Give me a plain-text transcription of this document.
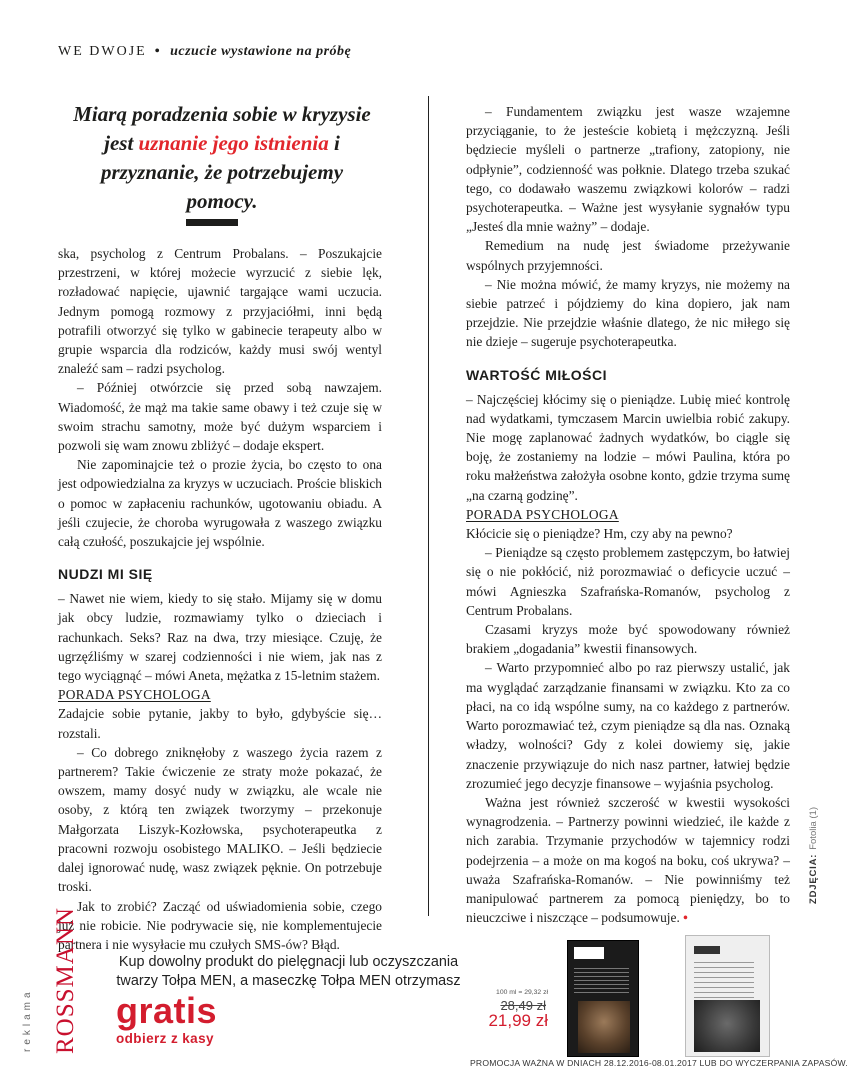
WE DWOJE • uczucie wystawione na próbę
Miarą poradzenia sobie w kryzysie jest uznanie jego istnienia i przyznanie, że potrzebujemy pomocy.

ska, psycholog z Centrum Probalans. – Poszukajcie przestrzeni, w której możecie wyrzucić z siebie lęk, rozładować napięcie, ujawnić targające wami uczucia. Jednym pomogą rozmowy z przyjaciółmi, inni będą potrafili otworzyć się tylko w gabinecie terapeuty albo w grupie wsparcia dla rodziców, każdy musi swój wentyl znaleźć sam – radzi psycholog.

– Później otwórzcie się przed sobą nawzajem. Wiadomość, że mąż ma takie same obawy i też czuje się w swoim strachu samotny, może być dużym wsparciem i pozwoli się wam znowu zbliżyć – dodaje ekspert.

Nie zapominajcie też o prozie życia, bo często to ona jest odpowiedzialna za kryzys w uczuciach. Proście bliskich o pomoc w zapłaceniu rachunków, ugotowaniu obiadu. A jeśli czujecie, że choroba wyrugowała z waszego związku całą czułość, poszukajcie jej wspólnie.

NUDZI MI SIĘ

– Nawet nie wiem, kiedy to się stało. Mijamy się w domu jak obcy ludzie, rozmawiamy tylko o dzieciach i rachunkach. Seks? Raz na dwa, trzy miesiące. Czuję, że ugrzęźliśmy w szarej codzienności i nie wiem, jak nas z tego wyciągnąć – mówi Aneta, mężatka z 15-letnim stażem.

PORADA PSYCHOLOGA

Zadajcie sobie pytanie, jakby to było, gdybyście się… rozstali.

– Co dobrego zniknęłoby z waszego życia razem z partnerem? Takie ćwiczenie ze straty może pokazać, że owszem, mamy dosyć nudy w związku, ale wcale nie osoby, z którą ten związek tworzymy – przekonuje Małgorzata Liszyk-Kozłowska, psychoterapeutka z pracowni rozwoju osobistego MALIKO. – Jeśli będziecie dalej ignorować nudę, wasz związek pęknie. On potrzebuje troski.

Jak to zrobić? Zacząć od uświadomienia sobie, czego już nie robicie. Nie podrywacie się, nie komplementujecie partnera i nie wysyłacie mu czułych SMS-ów? Błąd.

– Fundamentem związku jest wasze wzajemne przyciąganie, to że jesteście kobietą i mężczyzną. Jeśli będziecie myśleli o partnerze „trafiony, zatopiony, nie odpłynie”, codzienność was połknie. Dlatego trzeba szukać tego, co dodawało waszemu związkowi kolorów – radzi psychoterapeutka. – Ważne jest wysyłanie sygnałów typu „Jesteś dla mnie ważny” – dodaje.

Remedium na nudę jest świadome przeżywanie wspólnych przyjemności.

– Nie można mówić, że mamy kryzys, nie możemy na siebie patrzeć i pójdziemy do kina dopiero, jak nam przejdzie. Nie przejdzie właśnie dlatego, że nic miłego się nie dzieje – sugeruje psychoterapeutka.

WARTOŚĆ MIŁOŚCI

– Najczęściej kłócimy się o pieniądze. Lubię mieć kontrolę nad wydatkami, tymczasem Marcin uwielbia robić zakupy. Nie mogę zaplanować żadnych wydatków, bo ciągle się boję, że zostaniemy na lodzie – mówi Paulina, która po roku małżeństwa założyła osobne konto, gdzie trzyma sumę „na czarną godzinę”.

PORADA PSYCHOLOGA

Kłócicie się o pieniądze? Hm, czy aby na pewno?

– Pieniądze są często problemem zastępczym, bo łatwiej się o nie pokłócić, niż porozmawiać o deficycie uczuć – mówi Agnieszka Szafrańska-Romanów, psycholog z Centrum Probalans.

Czasami kryzys może być spowodowany również brakiem „dogadania” kwestii finansowych.

– Warto przypomnieć albo po raz pierwszy ustalić, jak ma wyglądać zarządzanie finansami w związku. Kto za co płaci, na co idą wspólne sumy, na co każdego z partnerów. Warto porozmawiać też, czym pieniądze są dla nas. Oznaką władzy, wolności? Gdy z kolei dowiemy się, jakie znaczenie przywiązuje do nich nasz partner, łatwiej będzie zrozumieć jego decyzje finansowe – wyjaśnia psycholog.

Ważna jest również szczerość w kwestii wysokości wynagrodzenia. – Partnerzy powinni wiedzieć, ile każde z nich zarabia. Trzymanie przychodów w tajemnicy rodzi podejrzenia – a może on ma kogoś na boku, coś ukrywa? – uważa Szafrańska-Romanów. – Nie powinniśmy też manipulować partnerem za pomocą pieniędzy, bo to nieuczciwe i niszczące – podsumowuje. •

ZDJĘCIA:Fotolia (1)
reklama ROSSMANN	Kup dowolny produkt do pielęgnacji lub oczyszczania twarzy Tołpa MEN, a maseczkę Tołpa MEN otrzymasz
gratis
odbierz z kasy
100 ml = 29,32 zł
28,49 zł
21,99 zł
PROMOCJA WAŻNA W DNIACH 28.12.2016-08.01.2017 LUB DO WYCZERPANIA ZAPASÓW.
